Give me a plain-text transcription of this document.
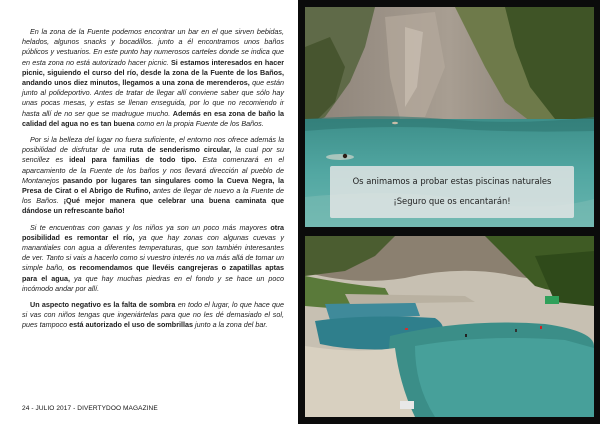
En la zona de la Fuente podemos encontrar un bar en el que sirven bebidas, helados, algunos snacks y bocadillos. junto a él encontramos unos baños públicos y vestuarios. En este punto hay numerosos carteles donde se indica que en esta zona no está autorizado hacer picnic. Si estamos interesados en hacer picnic, siguiendo el curso del río, desde la zona de la Fuente de los Baños, andando unos diez minutos, llegamos a una zona de merenderos, que están junto al polideportivo. Antes de tratar de llegar allí conviene saber que sólo hay unas pocas mesas, y estas se llenan enseguida, por lo que no recomiendo ir hasta allí de no ser que se madrugue mucho. Además en esa zona de baño la calidad del agua no es tan buena como en la propia Fuente de los Baños.

Por si la belleza del lugar no fuera suficiente, el entorno nos ofrece además la posibilidad de disfrutar de una ruta de senderismo circular, la cual por su sencillez es ideal para familias de todo tipo. Esta comenzará en el aparcamiento de la Fuente de los baños y nos llevará dirección al pueblo de Montanejos pasando por lugares tan singulares como la Cueva Negra, la Presa de Cirat o el Abrigo de Rufino, antes de llegar de nuevo a la Fuente de los Baños. ¡Qué mejor manera que celebrar una buena caminata que dándose un refrescante baño!

Si te encuentras con ganas y los niños ya son un poco más mayores otra posibilidad es remontar el río, ya que hay zonas con algunas cuevas y manantiales con agua a diferentes temperaturas, que son también interesantes de ver. Tanto si vais a hacerlo como si vuestro interés no va más allá de tomar un simple baño, os recomendamos que llevéis cangrejeras o zapatillas aptas para el agua, ya que hay muchas piedras en el fondo y se hace un poco incómodo andar por allí.

Un aspecto negativo es la falta de sombra en todo el lugar, lo que hace que si vas con niños tengas que ingeniártelas para que no les dé demasiado el sol, pues tampoco está autorizado el uso de sombrillas junto a la zona del bar.

24 - JULIO 2017 - DIVERTYDOO MAGAZINE
Os animamos a probar estas piscinas naturales
¡Seguro que os encantarán!
